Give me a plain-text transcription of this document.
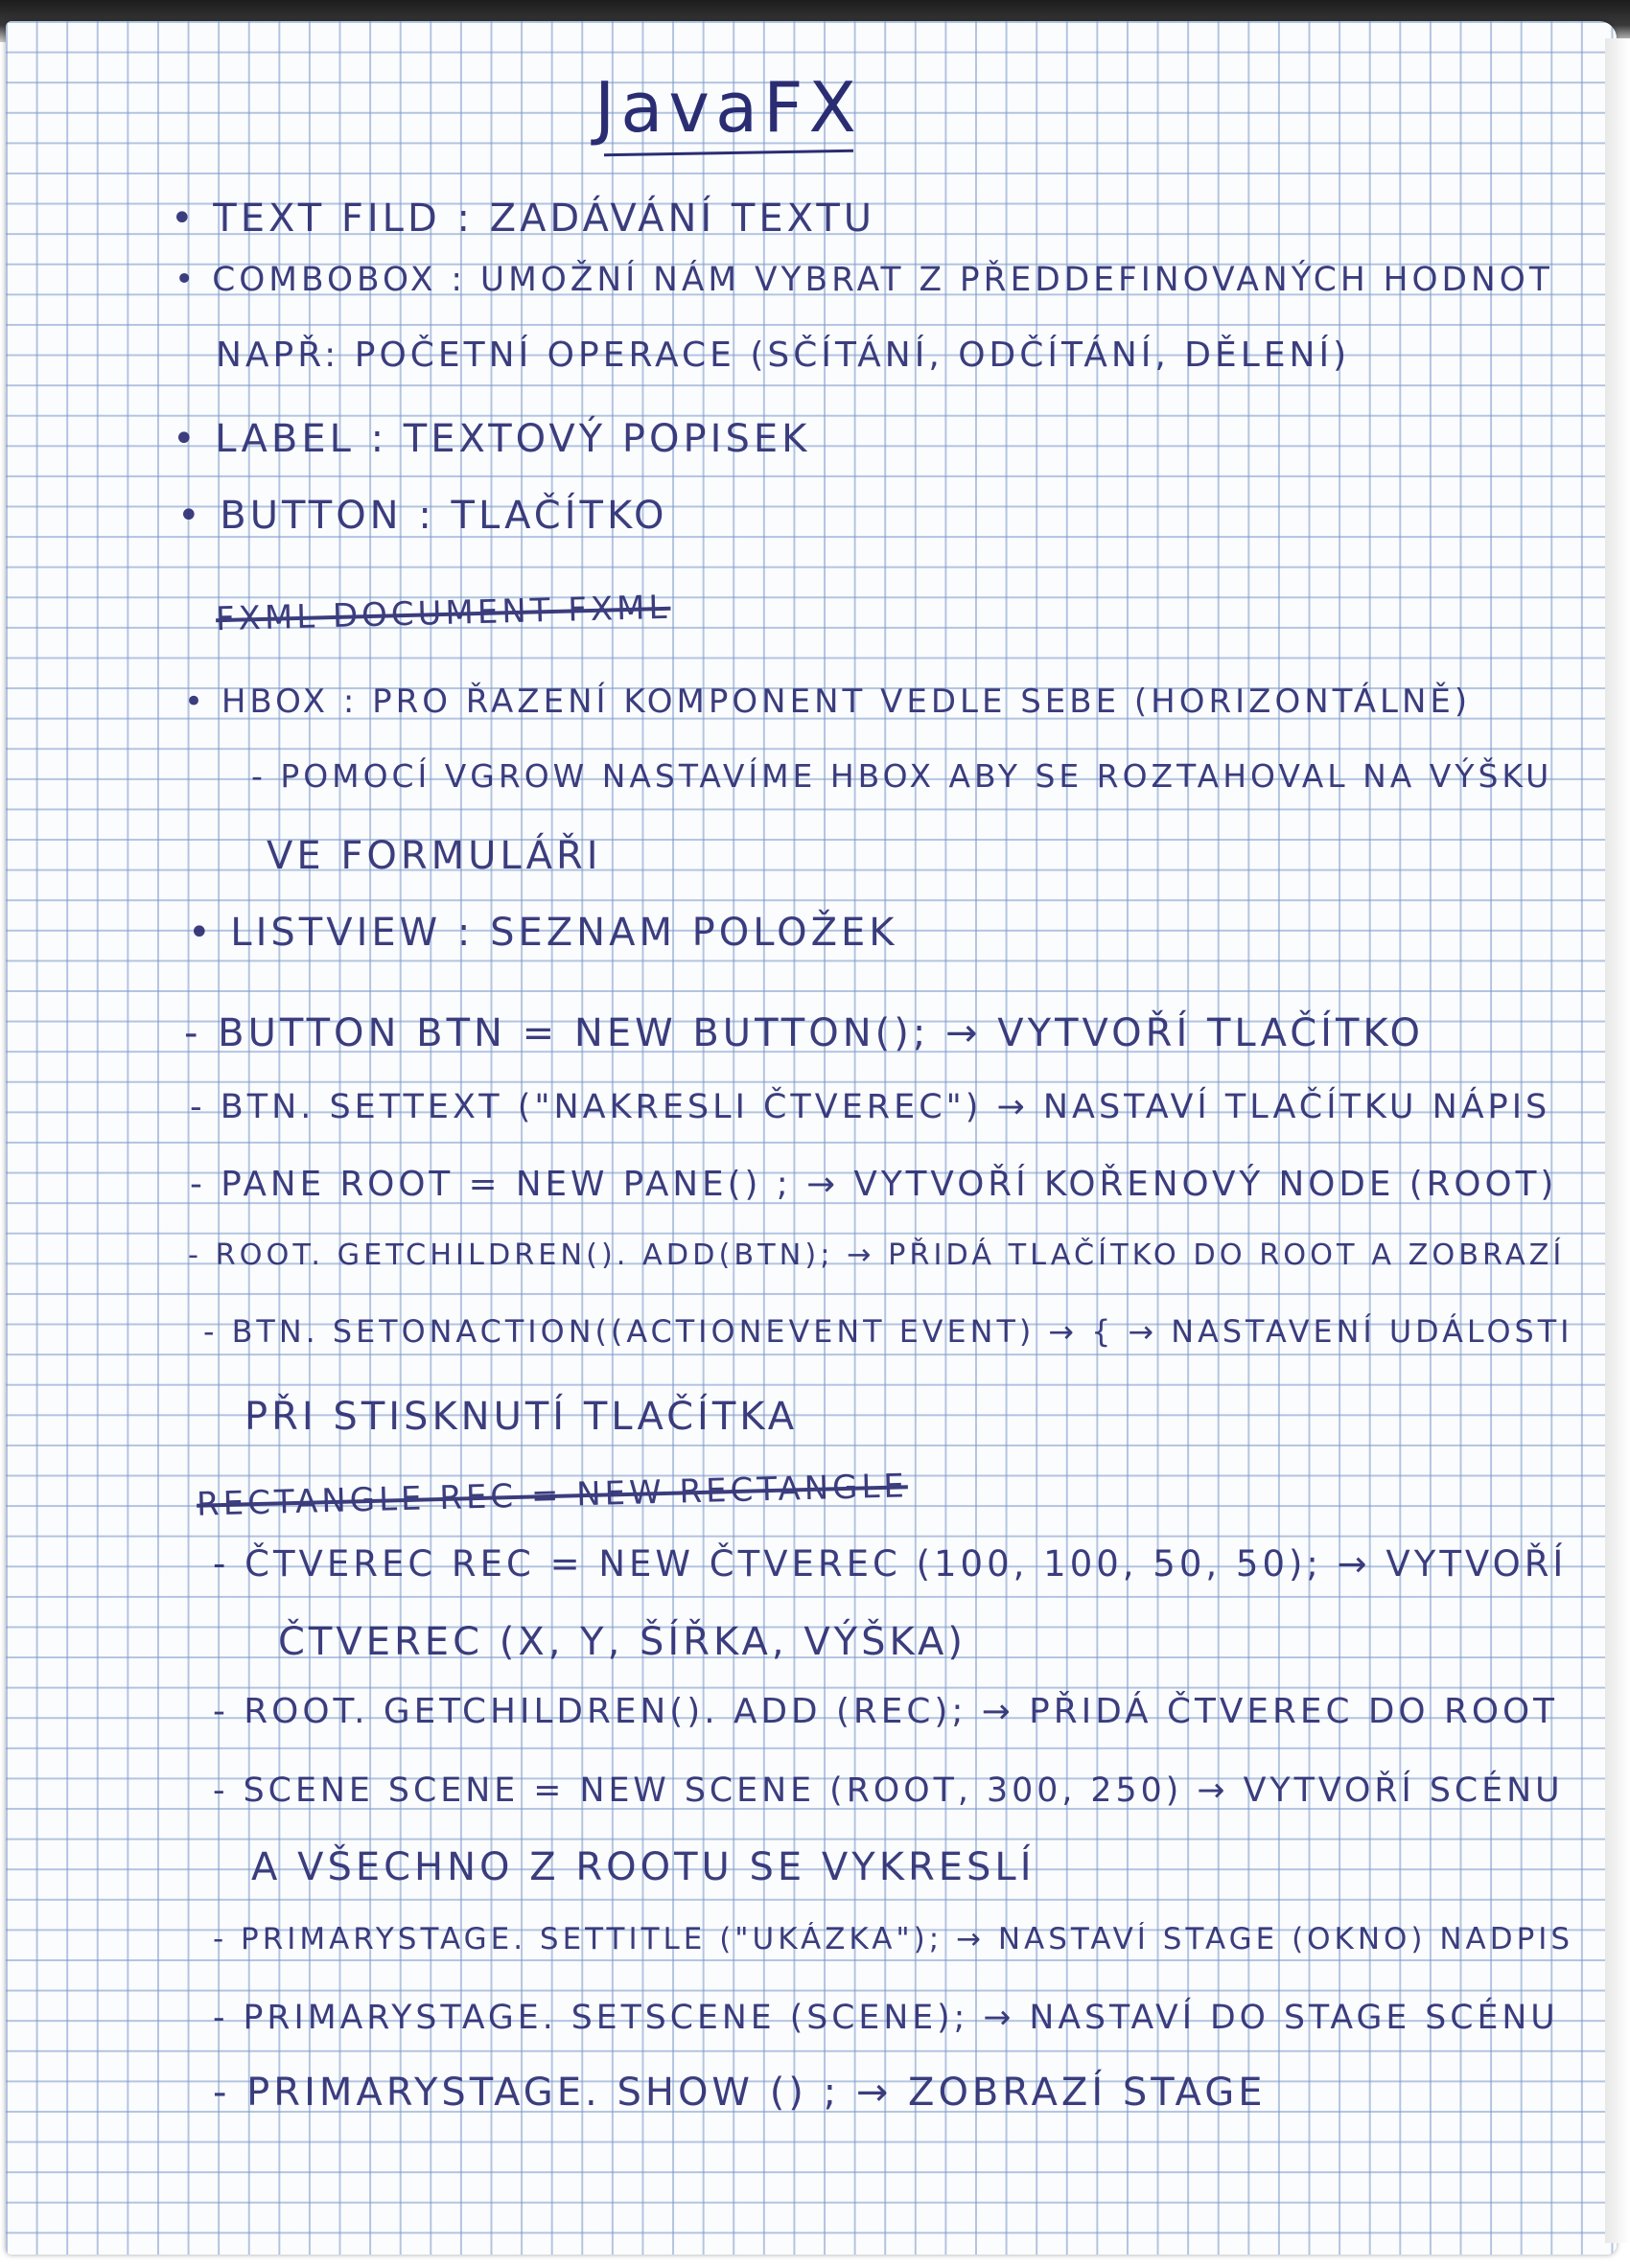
JavaFX
• TEXT FILD : ZADÁVÁNÍ TEXTU
• COMBOBOX : UMOŽNÍ NÁM VYBRAT Z PŘEDDEFINOVANÝCH HODNOT
NAPŘ: POČETNÍ OPERACE (SČÍTÁNÍ, ODČÍTÁNÍ, DĚLENÍ)
• LABEL : TEXTOVÝ POPISEK
• BUTTON : TLAČÍTKO
FXML DOCUMENT FXML
• HBOX : PRO ŘAZENÍ KOMPONENT VEDLE SEBE (HORIZONTÁLNĚ)
- POMOCÍ VGROW NASTAVÍME HBOX ABY SE ROZTAHOVAL NA VÝŠKU
VE FORMULÁŘI
• LISTVIEW : SEZNAM POLOŽEK
- BUTTON BTN = NEW BUTTON(); → VYTVOŘÍ TLAČÍTKO
- BTN. SETTEXT ("NAKRESLI ČTVEREC") → NASTAVÍ TLAČÍTKU NÁPIS
- PANE ROOT = NEW PANE() ; → VYTVOŘÍ KOŘENOVÝ NODE (ROOT)
- ROOT. GETCHILDREN(). ADD(BTN); → PŘIDÁ TLAČÍTKO DO ROOT A ZOBRAZÍ
- BTN. SETONACTION((ACTIONEVENT EVENT) → { → NASTAVENÍ UDÁLOSTI
PŘI STISKNUTÍ TLAČÍTKA
RECTANGLE REC = NEW RECTANGLE
- ČTVEREC REC = NEW ČTVEREC (100, 100, 50, 50); → VYTVOŘÍ
ČTVEREC (X, Y, ŠÍŘKA, VÝŠKA)
- ROOT. GETCHILDREN(). ADD (REC); → PŘIDÁ ČTVEREC DO ROOT
- SCENE SCENE = NEW SCENE (ROOT, 300, 250) → VYTVOŘÍ SCÉNU
A VŠECHNO Z ROOTU SE VYKRESLÍ
- PRIMARYSTAGE. SETTITLE ("UKÁZKA"); → NASTAVÍ STAGE (OKNO) NADPIS
- PRIMARYSTAGE. SETSCENE (SCENE); → NASTAVÍ DO STAGE SCÉNU
- PRIMARYSTAGE. SHOW () ; → ZOBRAZÍ STAGE
